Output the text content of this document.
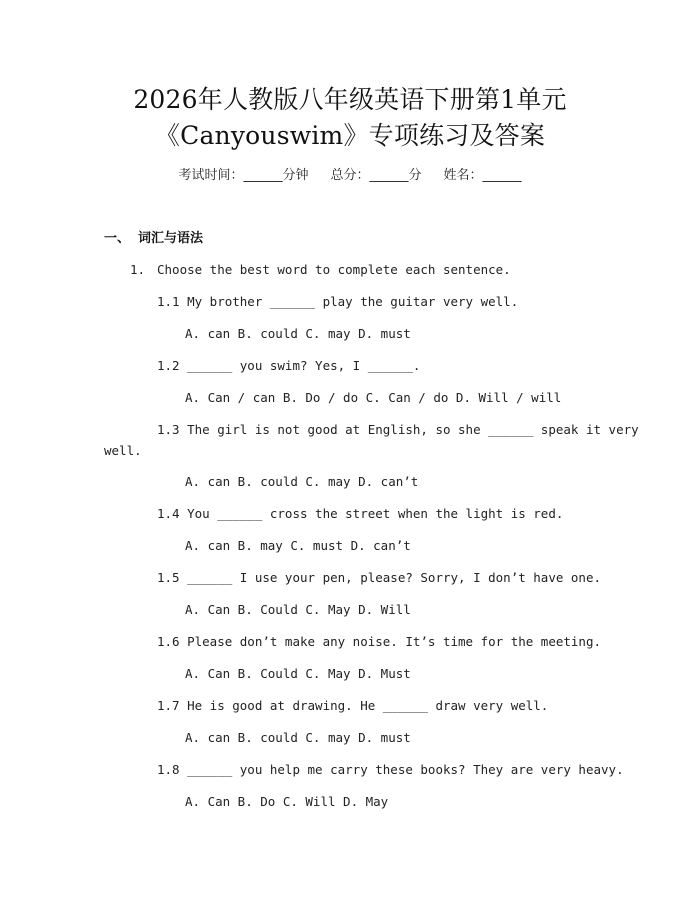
2026年人教版八年级英语下册第1单元
《Canyouswim》专项练习及答案
考试时间：______分钟 总分：______分 姓名：______
一、 词汇与语法
1. Choose the best word to complete each sentence.
1.1 My brother ______ play the guitar very well.
A. can B. could C. may D. must
1.2 ______ you swim? Yes, I ______.
A. Can / can B. Do / do C. Can / do D. Will / will
1.3 The girl is not good at English, so she ______ speak it very
well.
A. can B. could C. may D. can’t
1.4 You ______ cross the street when the light is red.
A. can B. may C. must D. can’t
1.5 ______ I use your pen, please? Sorry, I don’t have one.
A. Can B. Could C. May D. Will
1.6 Please don’t make any noise. It’s time for the meeting.
A. Can B. Could C. May D. Must
1.7 He is good at drawing. He ______ draw very well.
A. can B. could C. may D. must
1.8 ______ you help me carry these books? They are very heavy.
A. Can B. Do C. Will D. May
